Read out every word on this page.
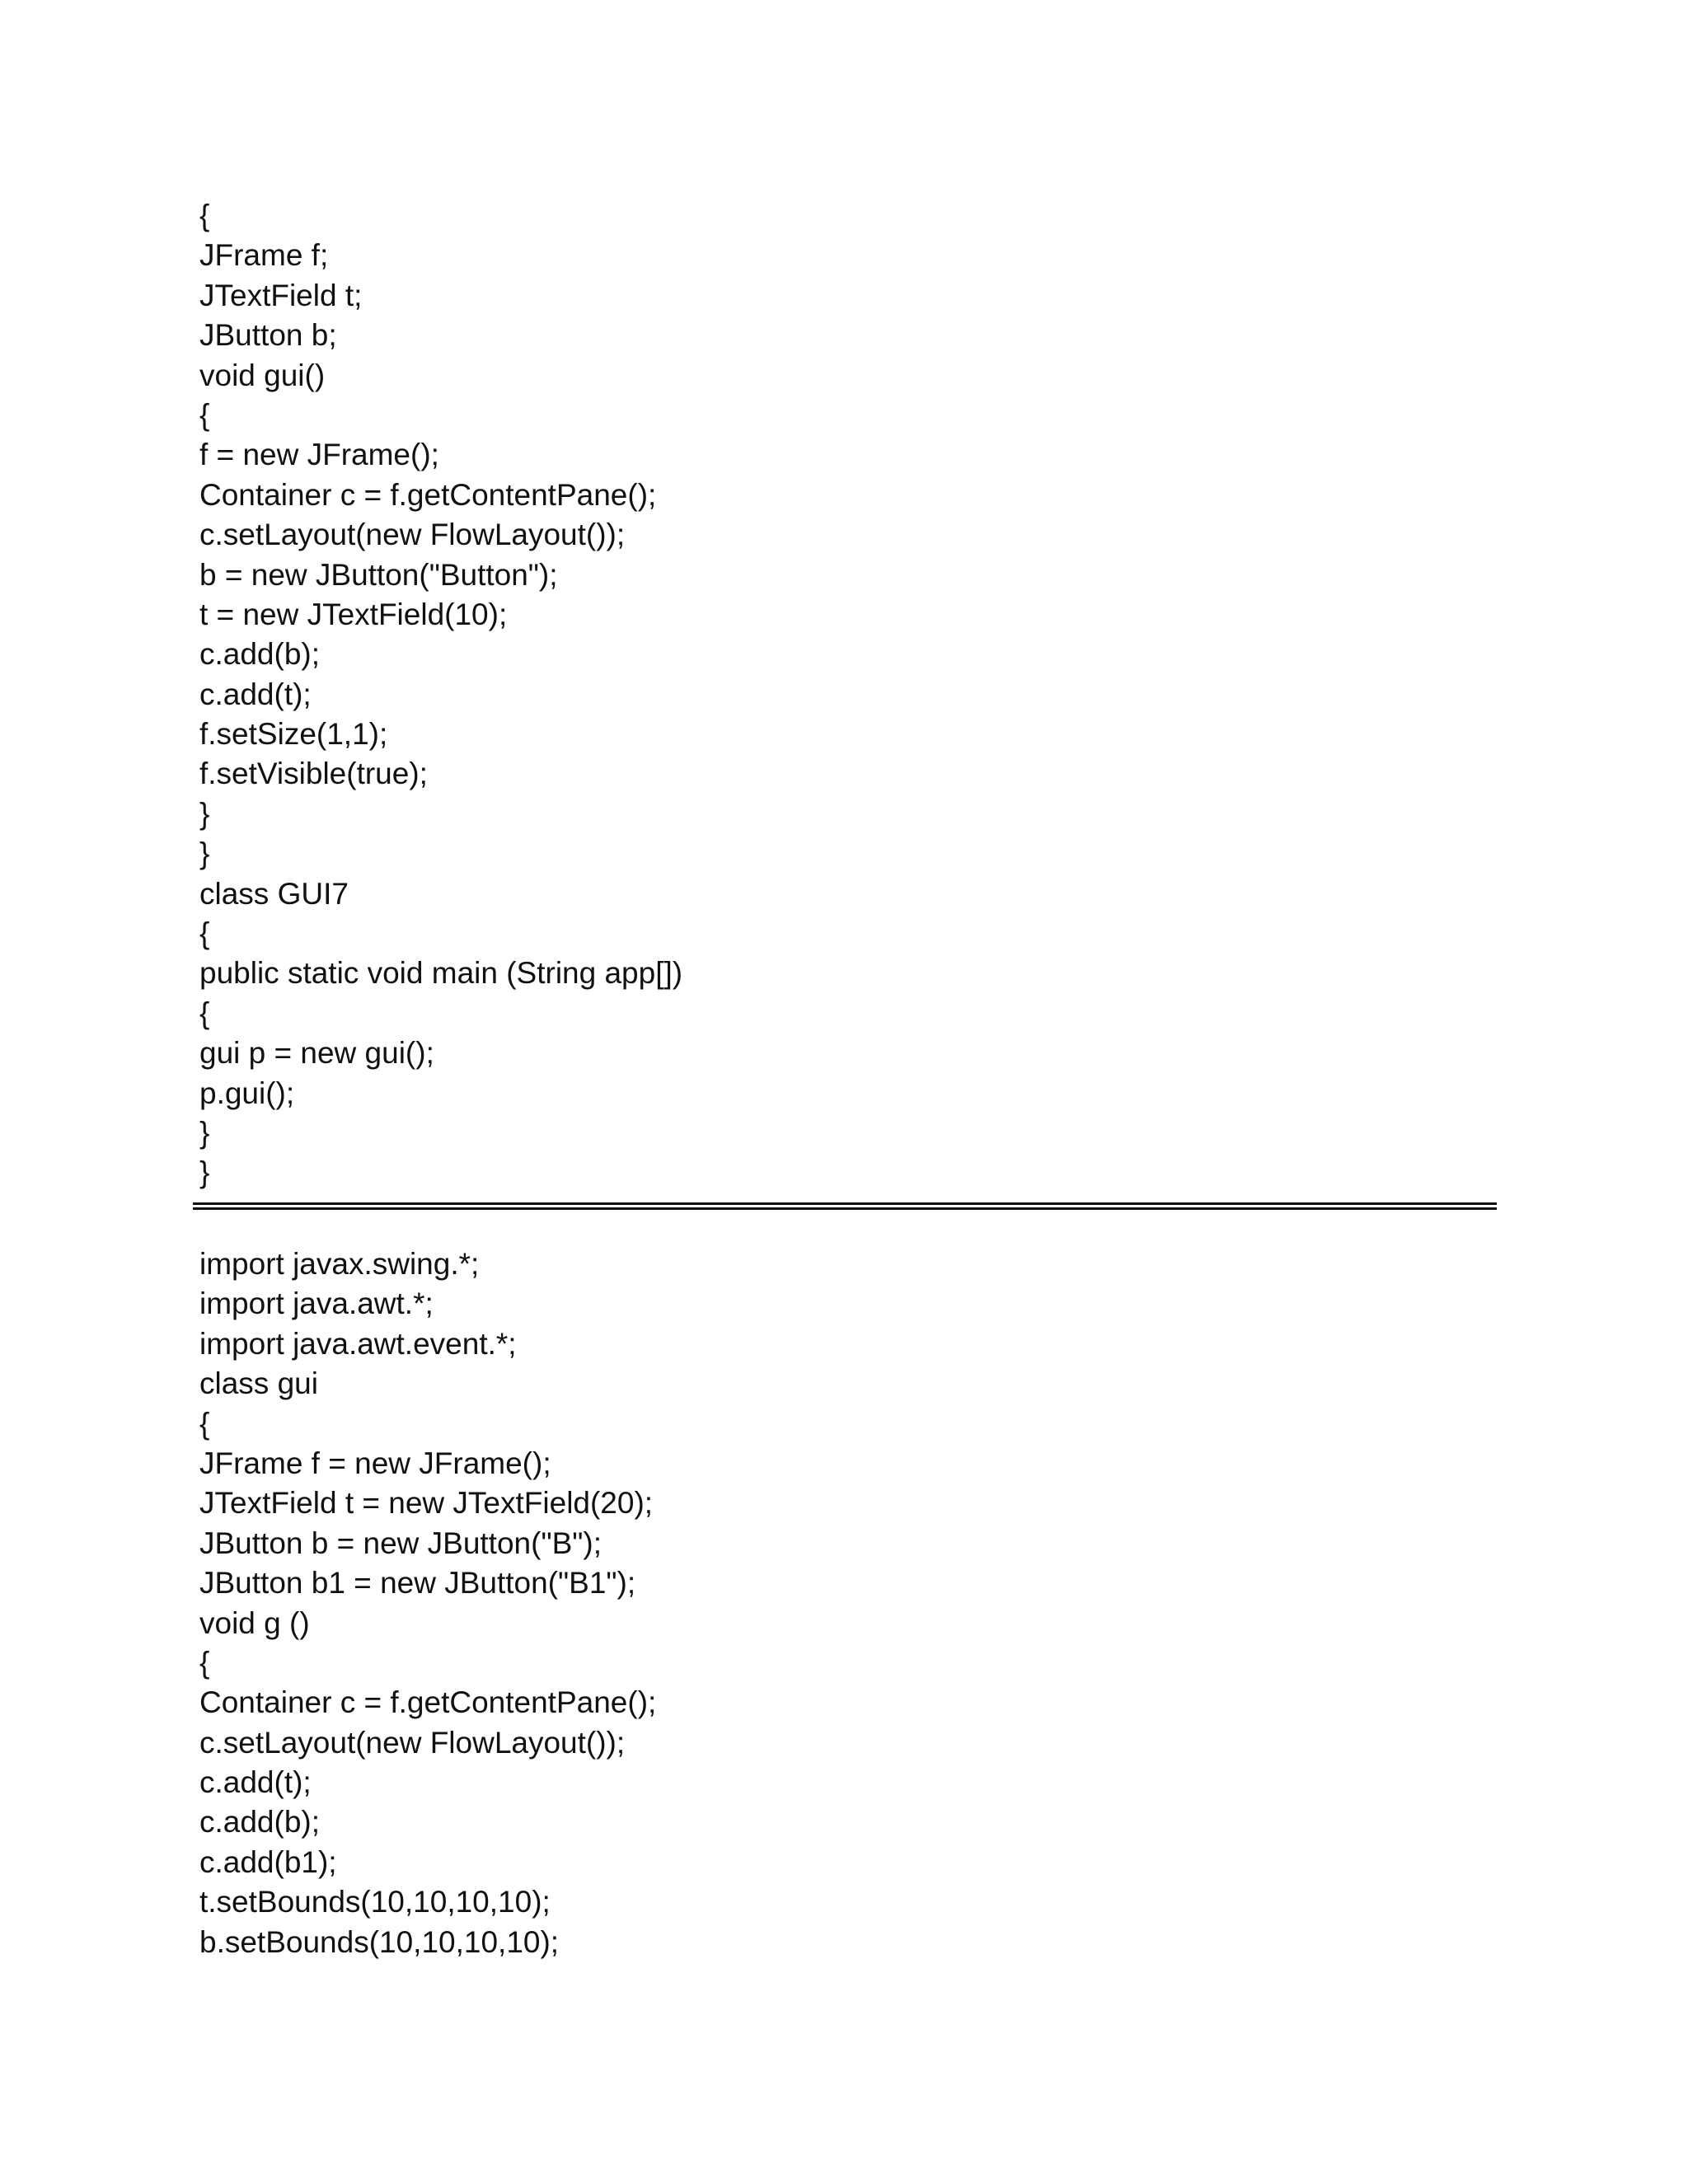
{
JFrame f;
JTextField t;
JButton b;
void gui()
{
f = new JFrame();
Container c = f.getContentPane();
c.setLayout(new FlowLayout());
b = new JButton("Button");
t = new JTextField(10);
c.add(b);
c.add(t);
f.setSize(1,1);
f.setVisible(true);
}
}
class GUI7
{
public static void main (String app[])
{
gui p = new gui();
p.gui();
}
}
import javax.swing.*;
import java.awt.*;
import java.awt.event.*;
class gui
{
JFrame f = new JFrame();
JTextField t = new JTextField(20);
JButton b = new JButton("B");
JButton b1 = new JButton("B1");
void g ()
{
Container c = f.getContentPane();
c.setLayout(new FlowLayout());
c.add(t);
c.add(b);
c.add(b1);
t.setBounds(10,10,10,10);
b.setBounds(10,10,10,10);
